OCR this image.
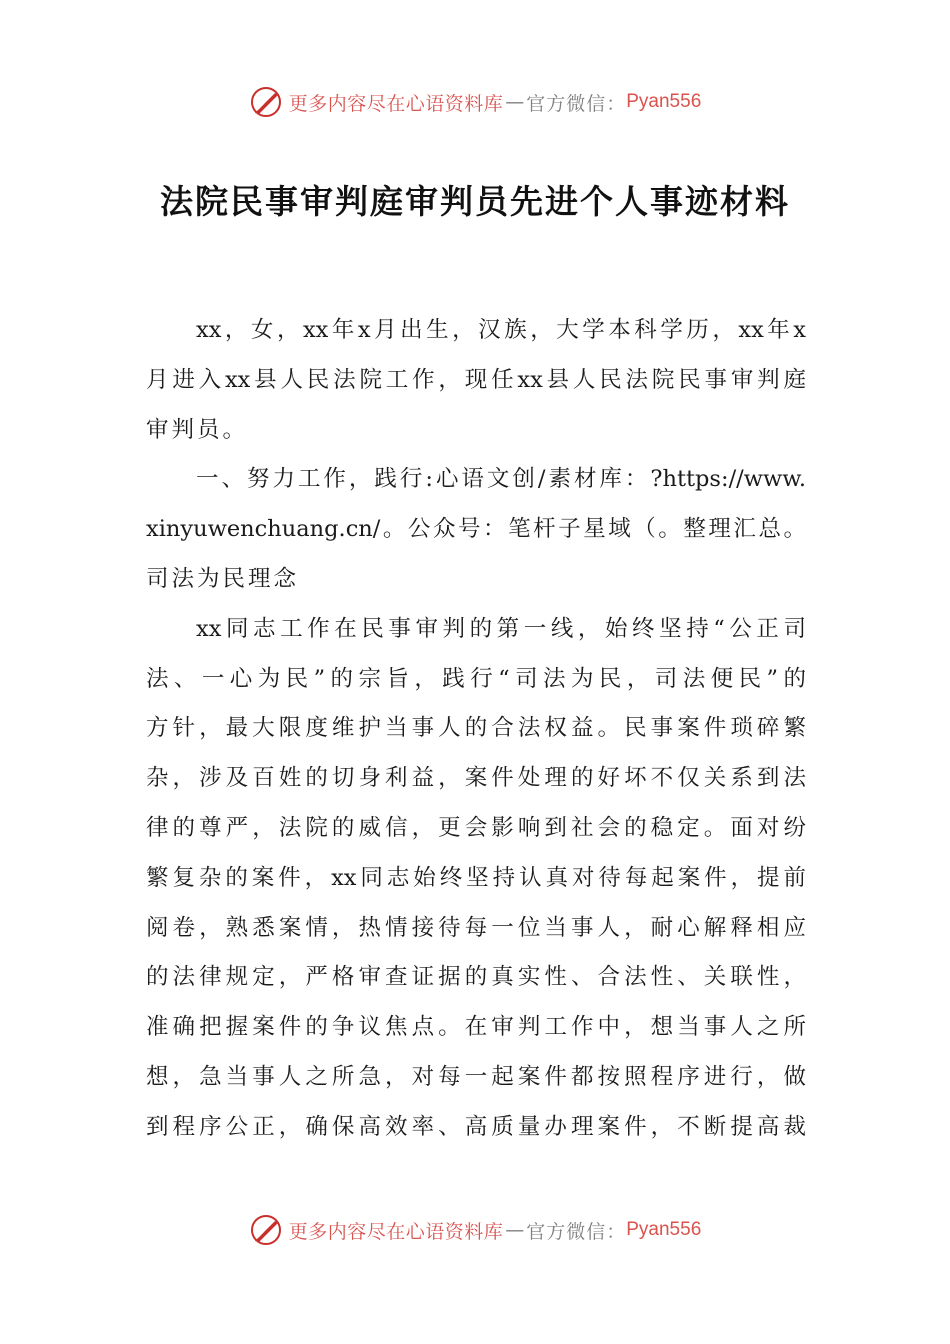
更多内容尽在心语资料库 — 官方微信： Pyan556
法院民事审判庭审判员先进个人事迹材料
xx，女，xx年x月出生，汉族，大学本科学历，xx年x
月进入xx县人民法院工作，现任xx县人民法院民事审判庭
审判员。
一、努力工作，践行:心语文创/素材库：?https://www.
xinyuwenchuang.cn/。公众号：笔杆子星域（。整理汇总。
司法为民理念
xx同志工作在民事审判的第一线，始终坚持“公正司
法、一心为民”的宗旨，践行“司法为民，司法便民”的
方针，最大限度维护当事人的合法权益。民事案件琐碎繁
杂，涉及百姓的切身利益，案件处理的好坏不仅关系到法
律的尊严，法院的威信，更会影响到社会的稳定。面对纷
繁复杂的案件，xx同志始终坚持认真对待每起案件，提前
阅卷，熟悉案情，热情接待每一位当事人，耐心解释相应
的法律规定，严格审查证据的真实性、合法性、关联性，
准确把握案件的争议焦点。在审判工作中，想当事人之所
想，急当事人之所急，对每一起案件都按照程序进行，做
到程序公正，确保高效率、高质量办理案件，不断提高裁
更多内容尽在心语资料库 — 官方微信： Pyan556
